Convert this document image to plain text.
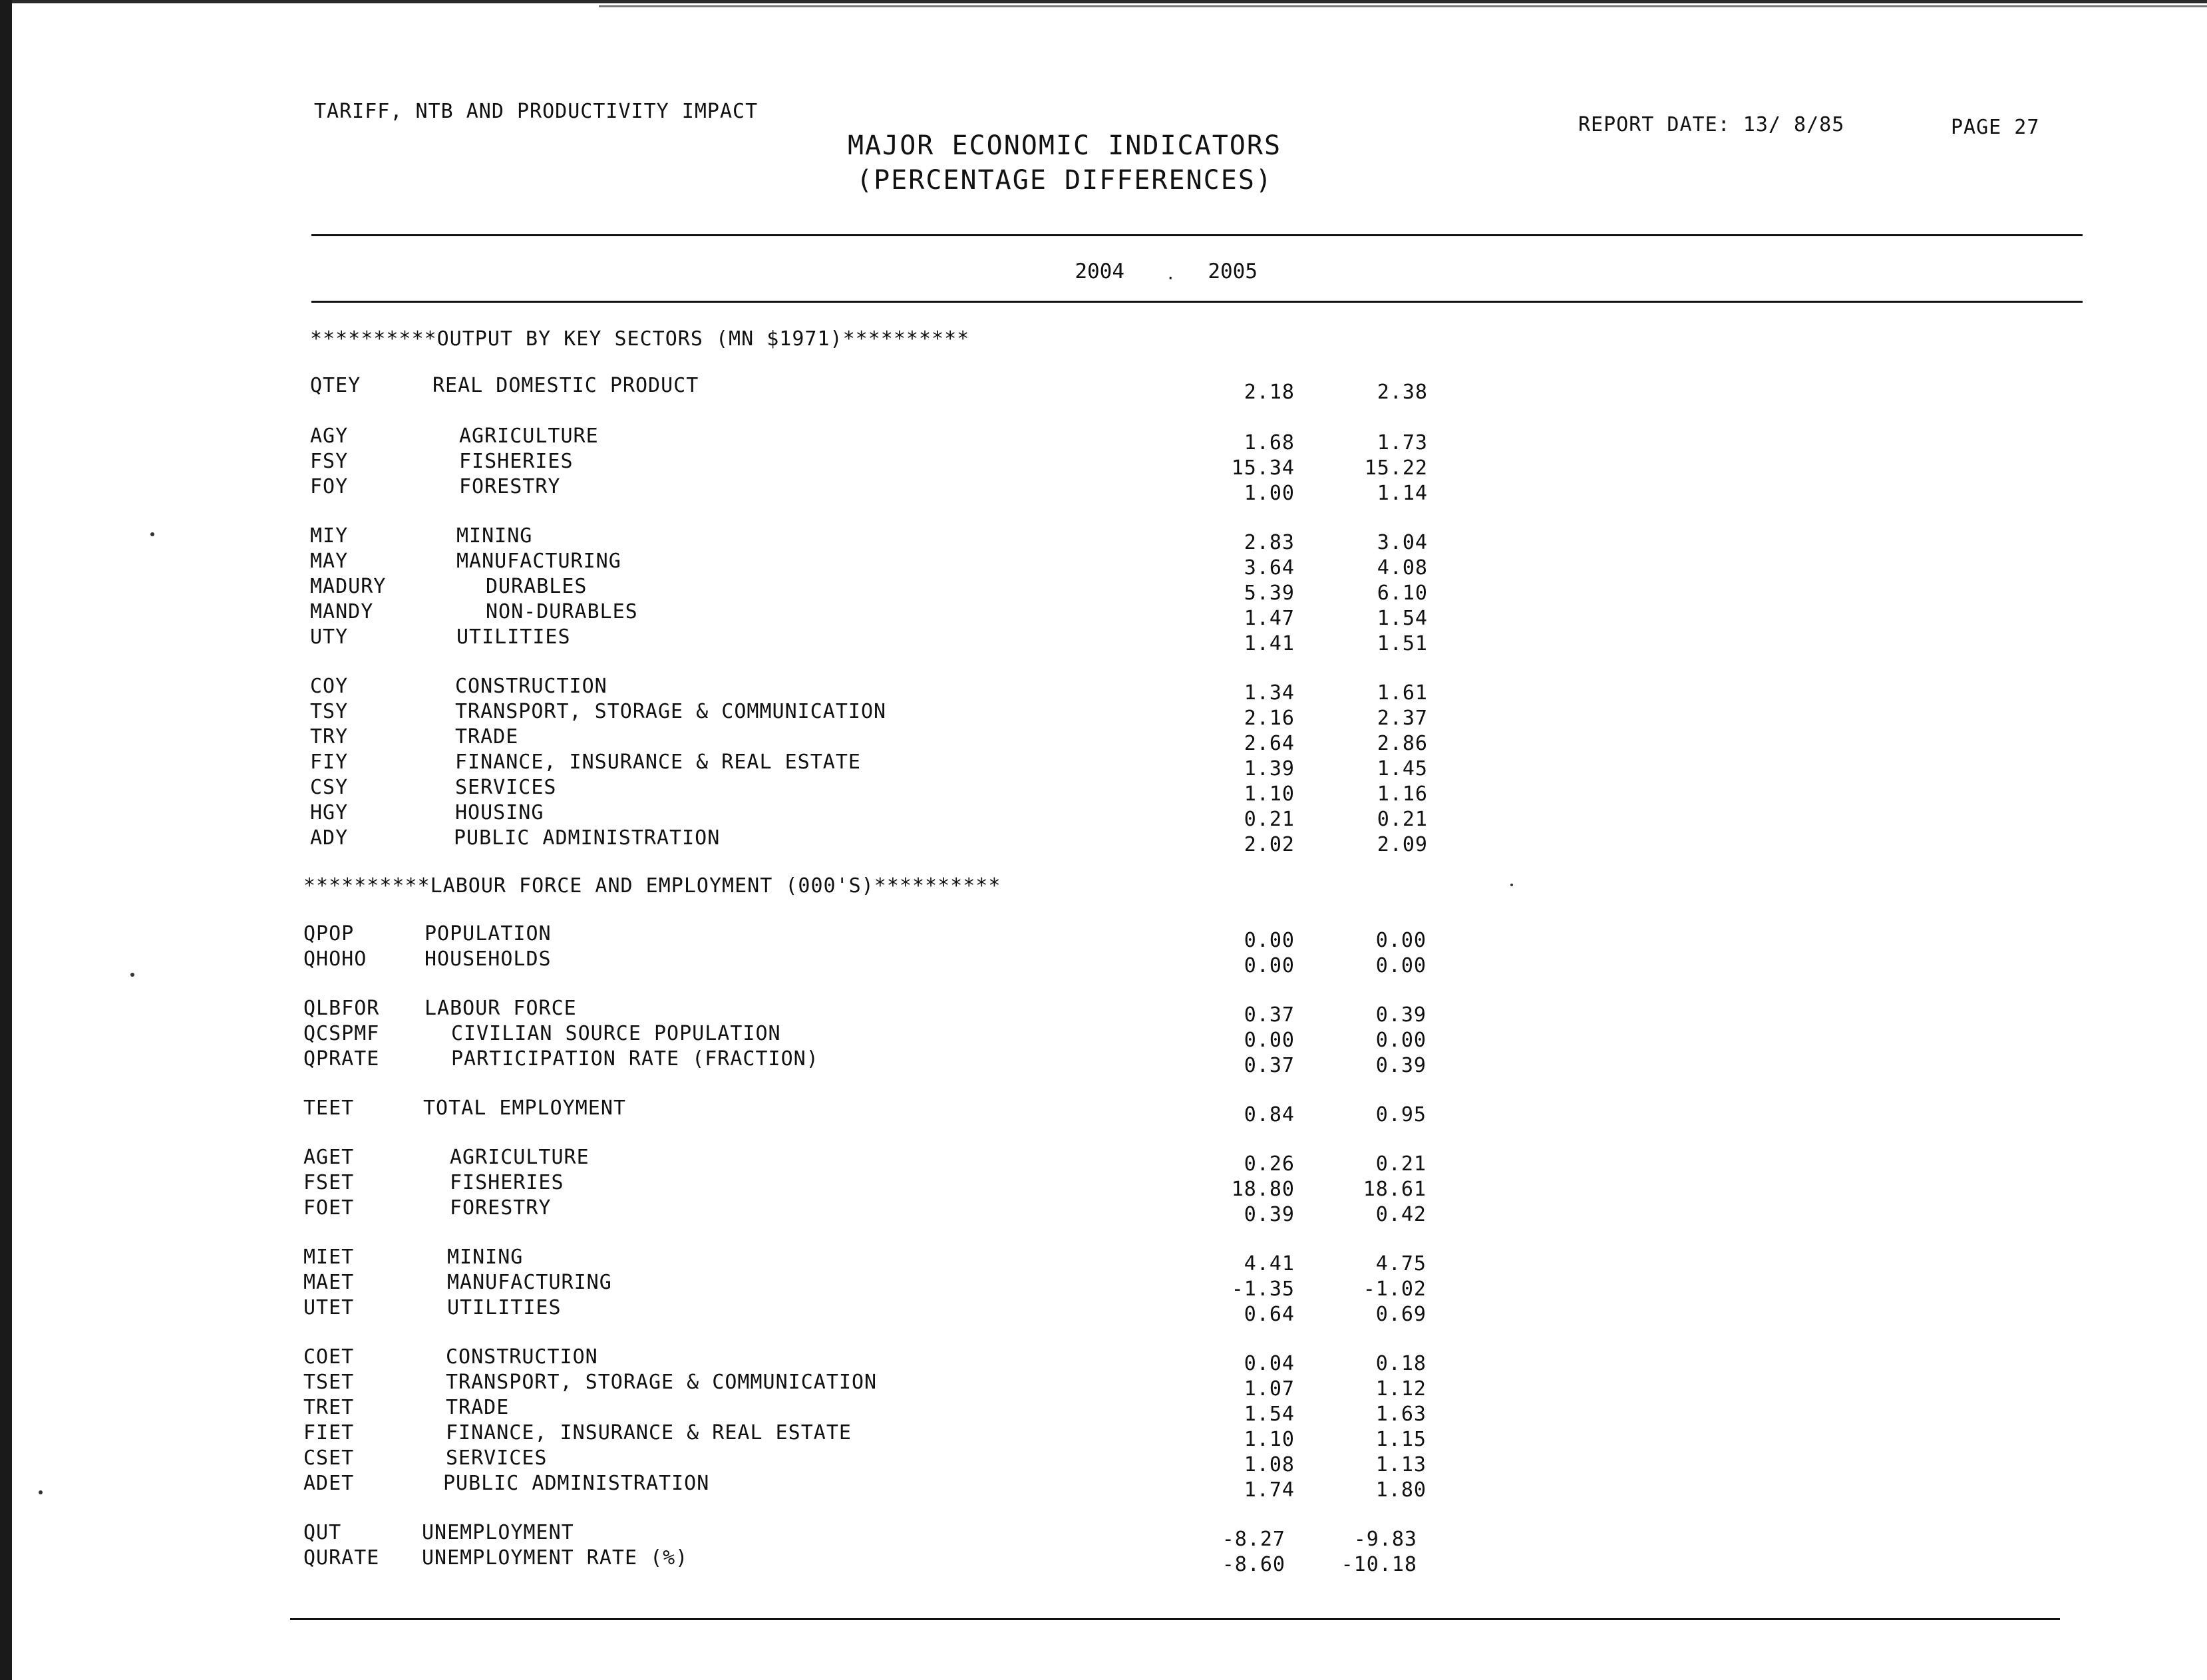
TARIFF, NTB AND PRODUCTIVITY IMPACT
MAJOR ECONOMIC INDICATORS
(PERCENTAGE DIFFERENCES)
REPORT DATE: 13/ 8/85	PAGE 27
2004	·	2005
**********OUTPUT BY KEY SECTORS (MN $1971)**********
QTEY	REAL DOMESTIC PRODUCT	2.18	2.38
AGY	AGRICULTURE	1.68	1.73
FSY	FISHERIES	15.34	15.22
FOY	FORESTRY	1.00	1.14
MIY	MINING	2.83	3.04
MAY	MANUFACTURING	3.64	4.08
MADURY	DURABLES	5.39	6.10
MANDY	NON-DURABLES	1.47	1.54
UTY	UTILITIES	1.41	1.51
COY	CONSTRUCTION	1.34	1.61
TSY	TRANSPORT, STORAGE & COMMUNICATION	2.16	2.37
TRY	TRADE	2.64	2.86
FIY	FINANCE, INSURANCE & REAL ESTATE	1.39	1.45
CSY	SERVICES	1.10	1.16
HGY	HOUSING	0.21	0.21
ADY	PUBLIC ADMINISTRATION	2.02	2.09
**********LABOUR FORCE AND EMPLOYMENT (000'S)**********
QPOP	POPULATION	0.00	0.00
QHOHO	HOUSEHOLDS	0.00	0.00
QLBFOR LABOUR FORCE	0.37	0.39
QCSPMF	CIVILIAN SOURCE POPULATION	0.00	0.00
QPRATE	PARTICIPATION RATE (FRACTION)	0.37	0.39
TEET	TOTAL EMPLOYMENT	0.84	0.95
AGET	AGRICULTURE	0.26	0.21
FSET	FISHERIES	18.80	18.61
FOET	FORESTRY	0.39	0.42
MIET	MINING	4.41	4.75
MAET	MANUFACTURING	-1.35	-1.02
UTET	UTILITIES	0.64	0.69
COET	CONSTRUCTION	0.04	0.18
TSET	TRANSPORT, STORAGE & COMMUNICATION	1.07	1.12
TRET	TRADE	1.54	1.63
FIET	FINANCE, INSURANCE & REAL ESTATE	1.10	1.15
CSET	SERVICES	1.08	1.13
ADET	PUBLIC ADMINISTRATION	1.74	1.80
QUT	UNEMPLOYMENT	-8.27	-9.83
QURATE UNEMPLOYMENT RATE (%)	-8.60	-10.18
